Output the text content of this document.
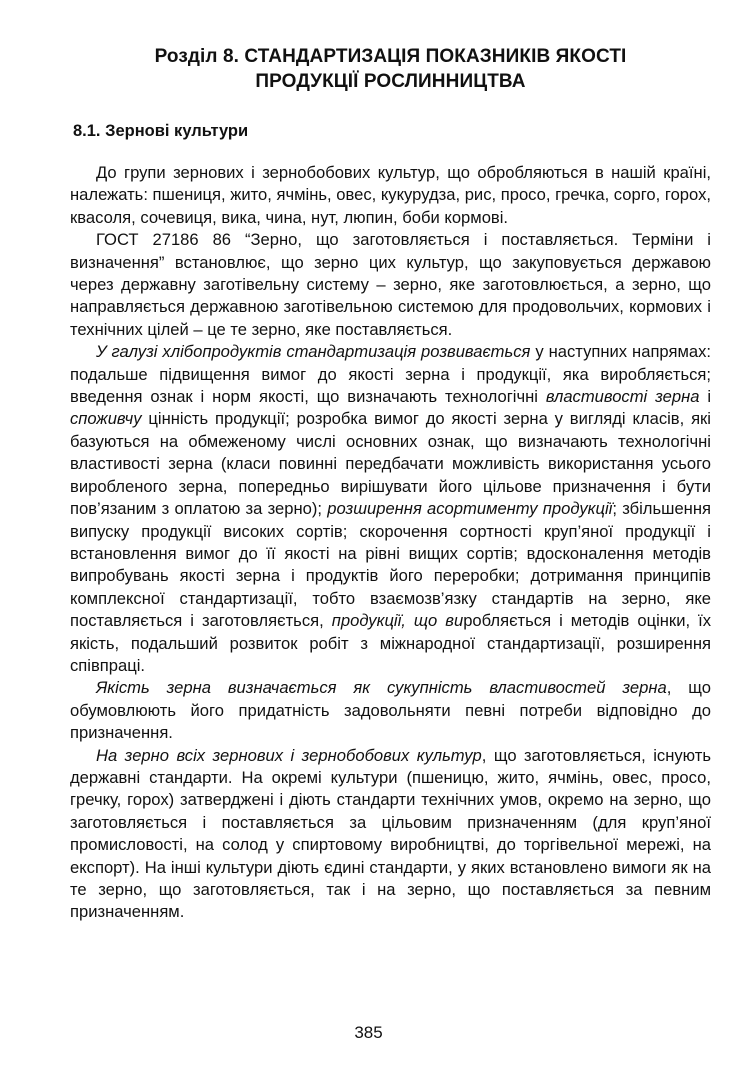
Розділ 8. СТАНДАРТИЗАЦІЯ ПОКАЗНИКІВ ЯКОСТІ
ПРОДУКЦІЇ РОСЛИННИЦТВА
8.1. Зернові культури

До групи зернових і зернобобових культур, що обробляються в нашій країні, належать: пшениця, жито, ячмінь, овес, кукурудза, рис, просо, гречка, сорго, горох, квасоля, сочевиця, вика, чина, нут, люпин, боби кормові.

ГОСТ 27186 86 “Зерно, що заготовляється і поставляється. Терміни і визначення” встановлює, що зерно цих культур, що закуповується державою через державну заготівельну систему – зерно, яке заготовлюється, а зерно, що направляється державною заготівельною системою для продовольчих, кормових і технічних цілей – це те зерно, яке поставляється.

У галузі хлібопродуктів стандартизація розвивається у наступних напрямах: подальше підвищення вимог до якості зерна і продукції, яка виробляється; введення ознак і норм якості, що визначають технологічні властивості зерна і споживчу цінність продукції; розробка вимог до якості зерна у вигляді класів, які базуються на обмеженому числі основних ознак, що визначають технологічні властивості зерна (класи повинні передбачати можливість використання усього виробленого зерна, попередньо вирішувати його цільове призначення і бути пов’язаним з оплатою за зерно); розширення асортименту продукції; збільшення випуску продукції високих сортів; скорочення сортності круп’яної продукції і встановлення вимог до її якості на рівні вищих сортів; вдосконалення методів випробувань якості зерна і продуктів його переробки; дотримання принципів комплексної стандартизації, тобто взаємозв’язку стандартів на зерно, яке поставляється і заготовляється, продукції, що виробляється і методів оцінки, їх якість, подальший розвиток робіт з міжнародної стандартизації, розширення співпраці.

Якість зерна визначається як сукупність властивостей зерна, що обумовлюють його придатність задовольняти певні потреби відповідно до призначення.

На зерно всіх зернових і зернобобових культур, що заготовляється, існують державні стандарти. На окремі культури (пшеницю, жито, ячмінь, овес, просо, гречку, горох) затверджені і діють стандарти технічних умов, окремо на зерно, що заготовляється і поставляється за цільовим призначенням (для круп’яної промисловості, на солод у спиртовому виробництві, до торгівельної мережі, на експорт). На інші культури діють єдині стандарти, у яких встановлено вимоги як на те зерно, що заготовляється, так і на зерно, що поставляється за певним призначенням.

385
